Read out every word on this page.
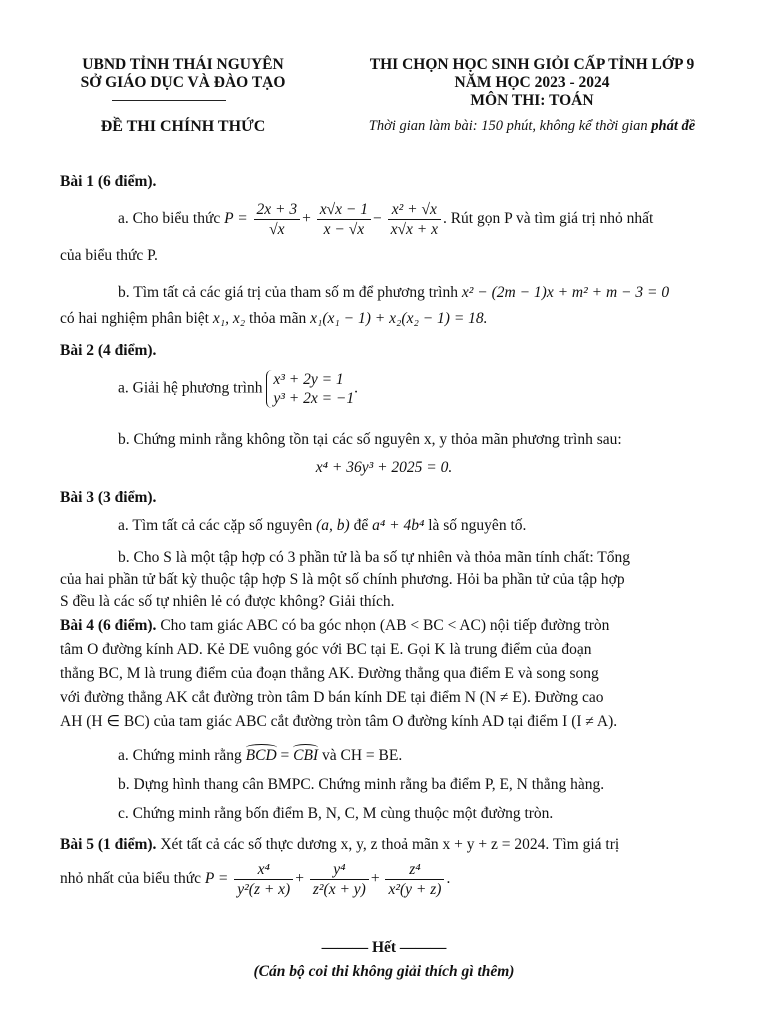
UBND TỈNH THÁI NGUYÊN
SỞ GIÁO DỤC VÀ ĐÀO TẠO
THI CHỌN HỌC SINH GIỎI CẤP TỈNH LỚP 9
NĂM HỌC 2023 - 2024
MÔN THI: TOÁN
ĐỀ THI CHÍNH THỨC	Thời gian làm bài: 150 phút, không kể thời gian phát đề
Bài 1 (6 điểm).
a. Cho biểu thức $P = \frac{2x + 3}{√x} + \frac{x√x - 1}{x - √x} - \frac{\text{x² + √x}}{x√x + x}$ . Rút gọn P và tìm giá trị nhỏ nhất
của biểu thức P.
b. Tìm tất cả các giá trị của tham số m để phương trình x² − (2m − 1)x + m² + m − 3 = 0
có hai nghiệm phân biệt x₁, x₂ thỏa mãn x₁(x₁ − 1) + x₂(x₂ − 1) = 18.
Bài 2 (4 điểm).
a. Giải hệ phương trình
x³ + 2y = 1
y³ + 2x = −1
.
b. Chứng minh rằng không tồn tại các số nguyên x, y thỏa mãn phương trình sau:
x⁴ + 36y³ + 2025 = 0.
Bài 3 (3 điểm).
a. Tìm tất cả các cặp số nguyên (a, b) để a⁴ + 4b⁴ là số nguyên tố.
b. Cho S là một tập hợp có 3 phần tử là ba số tự nhiên và thỏa mãn tính chất: Tổng
của hai phần tử bất kỳ thuộc tập hợp S là một số chính phương. Hỏi ba phần tử của tập hợp
S đều là các số tự nhiên lẻ có được không? Giải thích.
Bài 4 (6 điểm). Cho tam giác ABC có ba góc nhọn (AB < BC < AC) nội tiếp đường tròn
tâm O đường kính AD. Kẻ DE vuông góc với BC tại E. Gọi K là trung điểm của đoạn
thẳng BC, M là trung điểm của đoạn thẳng AK. Đường thẳng qua điểm E và song song
với đường thẳng AK cắt đường tròn tâm D bán kính DE tại điểm N (N ≠ E). Đường cao
AH (H ∈ BC) của tam giác ABC cắt đường tròn tâm O đường kính AD tại điểm I (I ≠ A).
a. Chứng minh rằng BCD = CBI và CH = BE.
b. Dựng hình thang cân BMPC. Chứng minh rằng ba điểm P, E, N thẳng hàng.
c. Chứng minh rằng bốn điểm B, N, C, M cùng thuộc một đường tròn.
Bài 5 (1 điểm). Xét tất cả các số thực dương x, y, z thoả mãn x + y + z = 2024. Tìm giá trị
nhỏ nhất của biểu thức $P = \frac{\text{x⁴}}{\text{y²(z + x)}} + \frac{\text{y⁴}}{\text{z²(x + y)}} + \frac{\text{z⁴}}{\text{x²(y + z)}}$ .
——— Hết ———
(Cán bộ coi thi không giải thích gì thêm)
